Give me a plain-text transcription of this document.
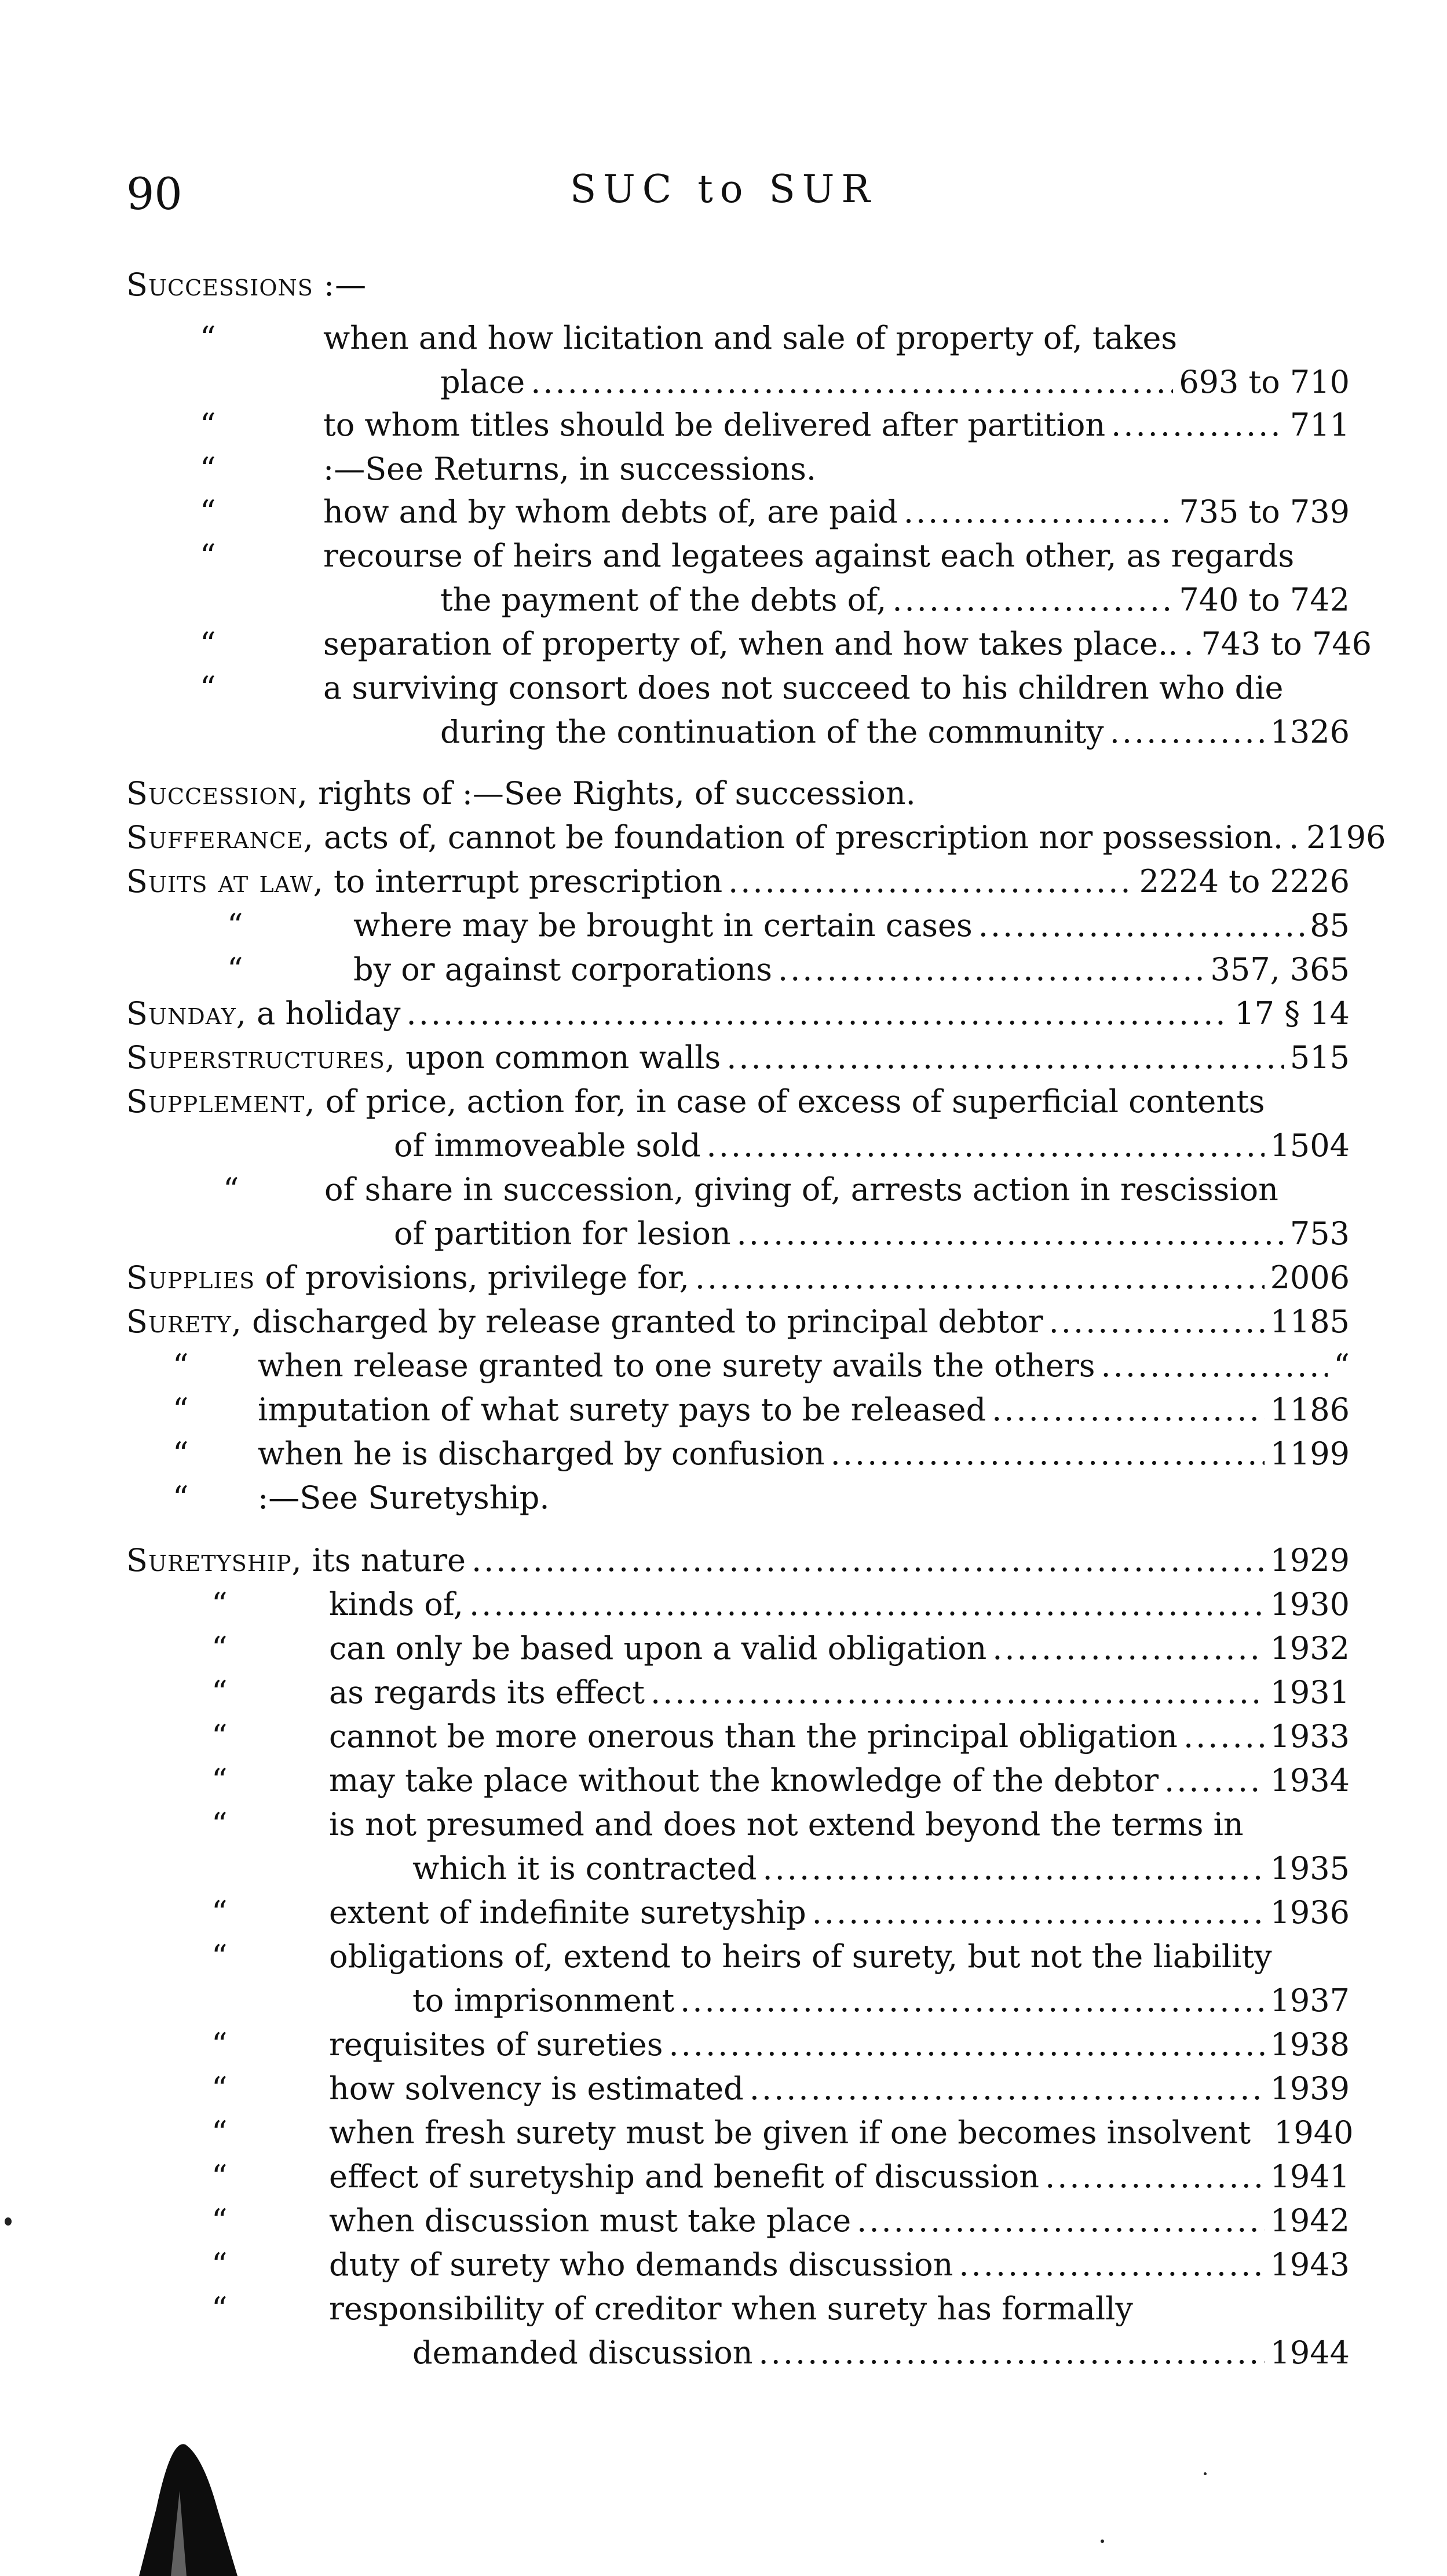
90	SUC to SUR
Successions :—
“	when and how licitation and sale of property of, takes
place .....	693 to 710
“	to whom titles should be delivered after partition .....	711
“	:—See Returns, in successions.
“	how and by whom debts of, are paid .....	735 to 739
“	recourse of heirs and legatees against each other, as regards
the payment of the debts of, .....	740 to 742
“	separation of property of, when and how takes place.. ..... 743 to 746
“	a surviving consort does not succeed to his children who die
during the continuation of the community .....	1326
Succession, rights of :—See Rights, of succession.
Sufferance, acts of, cannot be foundation of prescription nor possession. ..... 2196
Suits at law, to interrupt prescription .....	2224 to 2226
“	where may be brought in certain cases .....	85
“	by or against corporations .....	357, 365
Sunday, a holiday .....	17 § 14
Superstructures, upon common walls .....	515
Supplement, of price, action for, in case of excess of superficial contents
of immoveable sold .....	1504
“	of share in succession, giving of, arrests action in rescission
of partition for lesion .....	753
Supplies of provisions, privilege for, .....	2006
Surety, discharged by release granted to principal debtor .....	1185
“ when release granted to one surety avails the others .....	“
“ imputation of what surety pays to be released .....	1186
“ when he is discharged by confusion .....	1199
“ :—See Suretyship.
Suretyship, its nature .....	1929
“	kinds of, .....	1930
“	can only be based upon a valid obligation .....	1932
“	as regards its effect .....	1931
“	cannot be more onerous than the principal obligation .....	1933
“	may take place without the knowledge of the debtor .....	1934
“	is not presumed and does not extend beyond the terms in
which it is contracted .....	1935
“	extent of indefinite suretyship .....	1936
“	obligations of, extend to heirs of surety, but not the liability
to imprisonment .....	1937
“	requisites of sureties .....	1938
“	how solvency is estimated .....	1939
“	when fresh surety must be given if one becomes insolvent 1940
“	effect of suretyship and benefit of discussion .....	1941
“	when discussion must take place .....	1942
“	duty of surety who demands discussion .....	1943
“	responsibility of creditor when surety has formally
demanded discussion .....	1944
